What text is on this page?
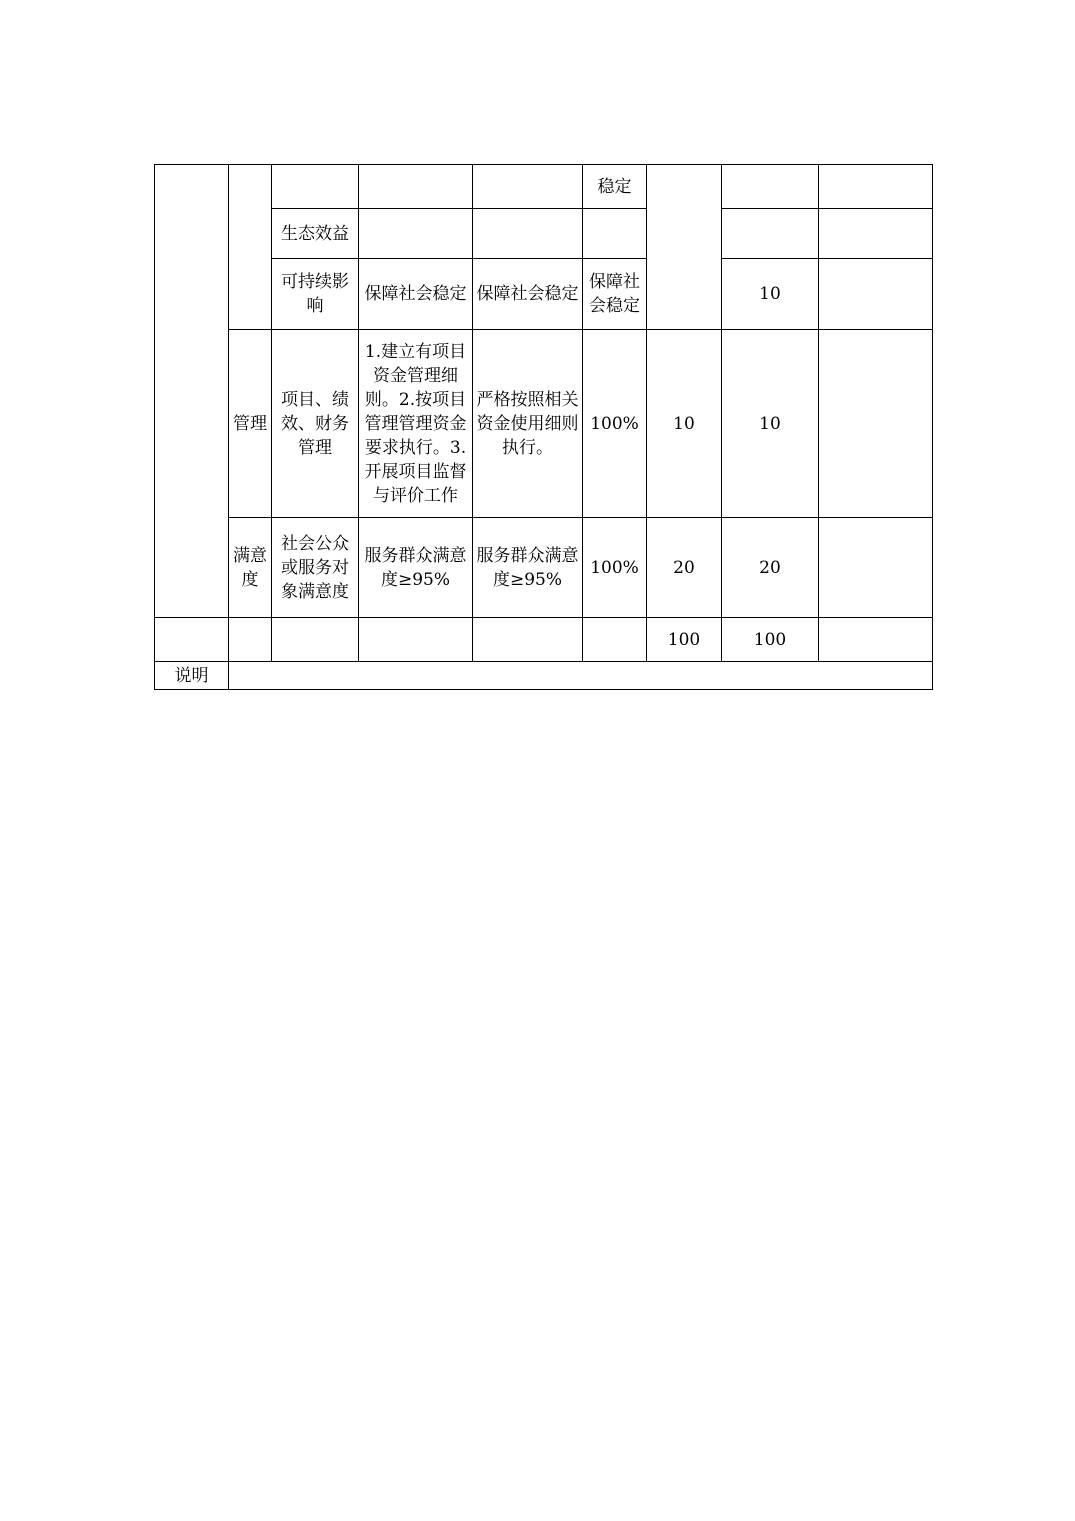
					稳定			
		生态效益						
		可持续影响	保障社会稳定	保障社会稳定	保障社会稳定		10	
	管理	项目、绩效、财务管理	1.建立有项目资金管理细则。2.按项目管理管理资金要求执行。3.开展项目监督与评价工作	严格按照相关资金使用细则执行。	100%	10	10	
	满意度	社会公众或服务对象满意度	服务群众满意度≥95%	服务群众满意度≥95%	100%	20	20	
						100	100	
说明								
